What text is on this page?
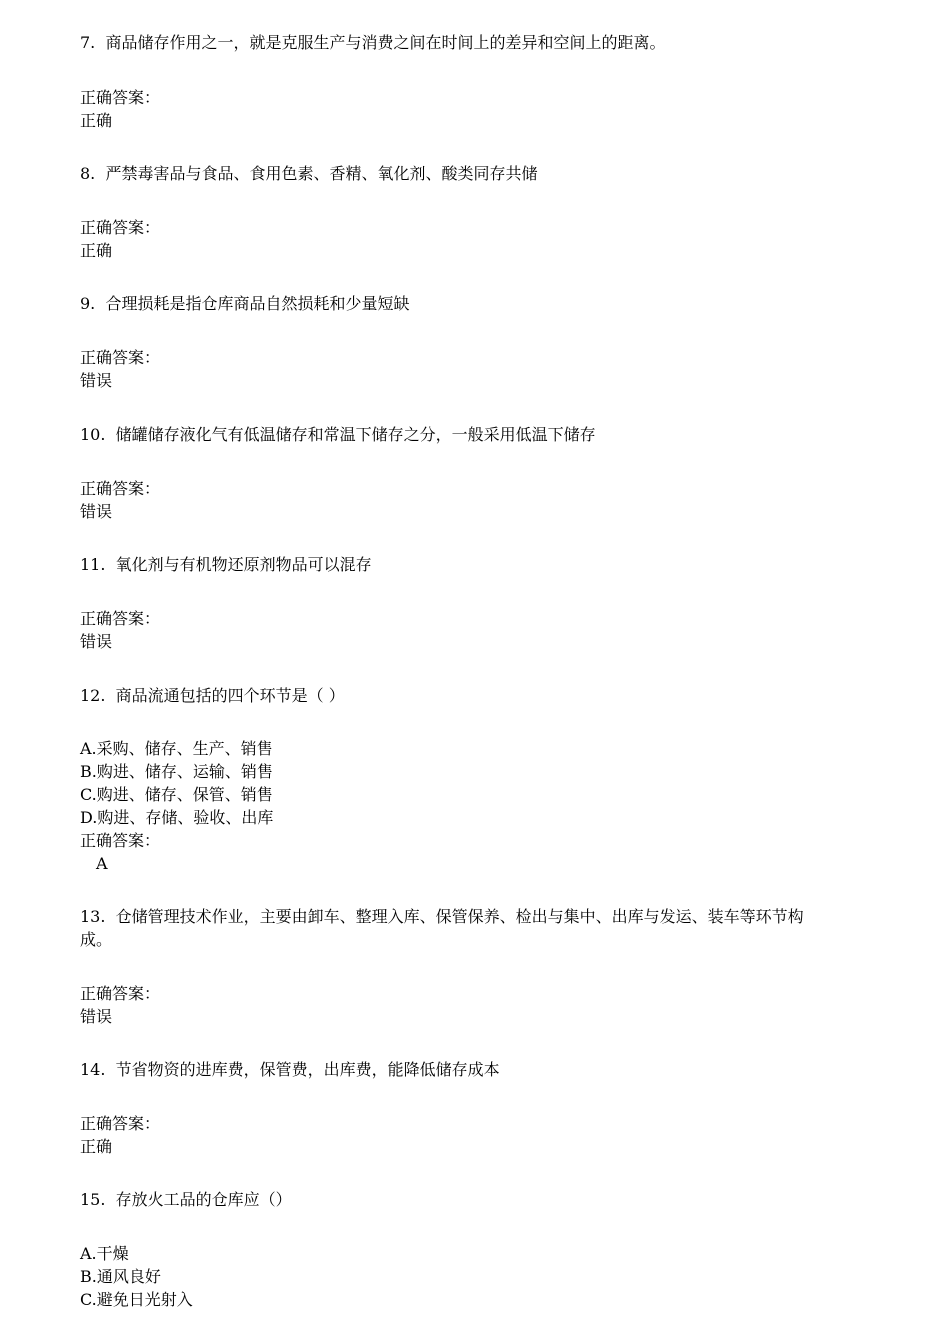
7. 商品储存作用之一，就是克服生产与消费之间在时间上的差异和空间上的距离。
正确答案：
正确
8. 严禁毒害品与食品、食用色素、香精、氧化剂、酸类同存共储
正确答案：
正确
9. 合理损耗是指仓库商品自然损耗和少量短缺
正确答案：
错误
10. 储罐储存液化气有低温储存和常温下储存之分，一般采用低温下储存
正确答案：
错误
11. 氧化剂与有机物还原剂物品可以混存
正确答案：
错误
12. 商品流通包括的四个环节是（ ）
A.采购、储存、生产、销售
B.购进、储存、运输、销售
C.购进、储存、保管、销售
D.购进、存储、验收、出库
正确答案：
A
13. 仓储管理技术作业，主要由卸车、整理入库、保管保养、检出与集中、出库与发运、装车等环节构
成。
正确答案：
错误
14. 节省物资的进库费，保管费，出库费，能降低储存成本
正确答案：
正确
15. 存放火工品的仓库应（）
A.干燥
B.通风良好
C.避免日光射入
